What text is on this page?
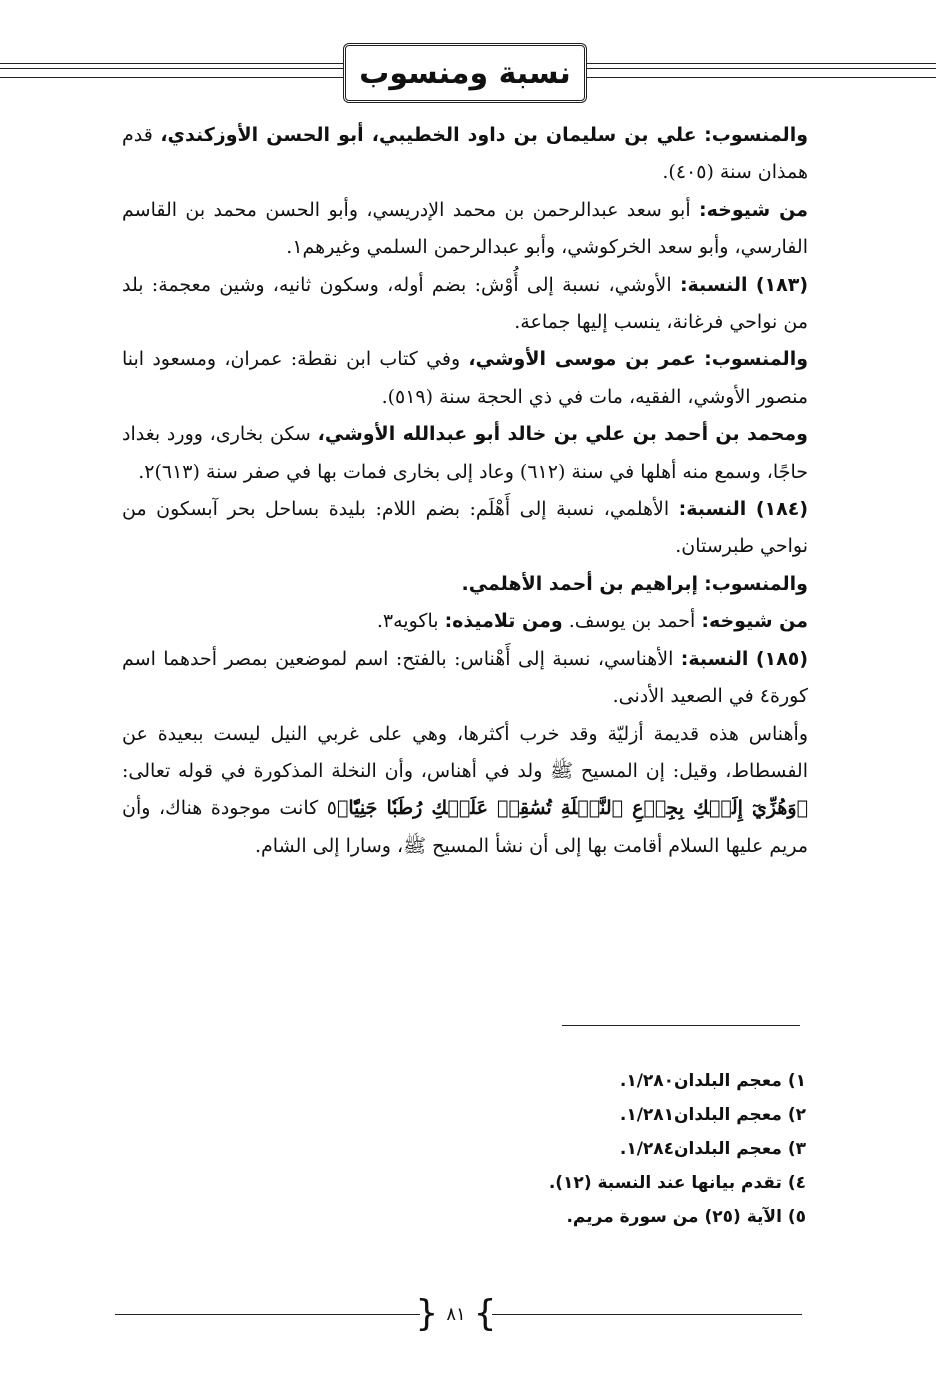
نسبة ومنسوب

والمنسوب: علي بن سليمان بن داود الخطيبي، أبو الحسن الأوزكندي، قدم همذان سنة (٤٠٥).

من شيوخه: أبو سعد عبدالرحمن بن محمد الإدريسي، وأبو الحسن محمد بن القاسم الفارسي، وأبو سعد الخركوشي، وأبو عبدالرحمن السلمي وغيرهم١.

(١٨٣) النسبة: الأوشي، نسبة إلى أُوْش: بضم أوله، وسكون ثانيه، وشين معجمة: بلد من نواحي فرغانة، ينسب إليها جماعة.

والمنسوب: عمر بن موسى الأوشي، وفي كتاب ابن نقطة: عمران، ومسعود ابنا منصور الأوشي، الفقيه، مات في ذي الحجة سنة (٥١٩).

ومحمد بن أحمد بن علي بن خالد أبو عبدالله الأوشي، سكن بخارى، وورد بغداد حاجًا، وسمع منه أهلها في سنة (٦١٢) وعاد إلى بخارى فمات بها في صفر سنة (٦١٣)٢.

(١٨٤) النسبة: الأهلمي، نسبة إلى أَهْلَم: بضم اللام: بليدة بساحل بحر آبسكون من نواحي طبرستان.

والمنسوب: إبراهيم بن أحمد الأهلمي.

من شيوخه: أحمد بن يوسف. ومن تلاميذه: باكويه٣.

(١٨٥) النسبة: الأهناسي، نسبة إلى أَهْناس: بالفتح: اسم لموضعين بمصر أحدهما اسم كورة٤ في الصعيد الأدنى.

وأهناس هذه قديمة أزليّة وقد خرب أكثرها، وهي على غربي النيل ليست ببعيدة عن الفسطاط، وقيل: إن المسيح ﷺ ولد في أهناس، وأن النخلة المذكورة في قوله تعالى: ﴿وَهُزِّيٓ إِلَيۡكِ بِجِذۡعِ ٱلنَّخۡلَةِ تُسَٰقِطۡ عَلَيۡكِ رُطَبٗا جَنِيّٗا﴾٥ كانت موجودة هناك، وأن مريم عليها السلام أقامت بها إلى أن نشأ المسيح ﷺ، وسارا إلى الشام.

١) معجم البلدان١/٢٨٠.
٢) معجم البلدان١/٢٨١.
٣) معجم البلدان١/٢٨٤.
٤) تقدم بيانها عند النسبة (١٢).
٥) الآية (٢٥) من سورة مريم.
}
٨١
{
